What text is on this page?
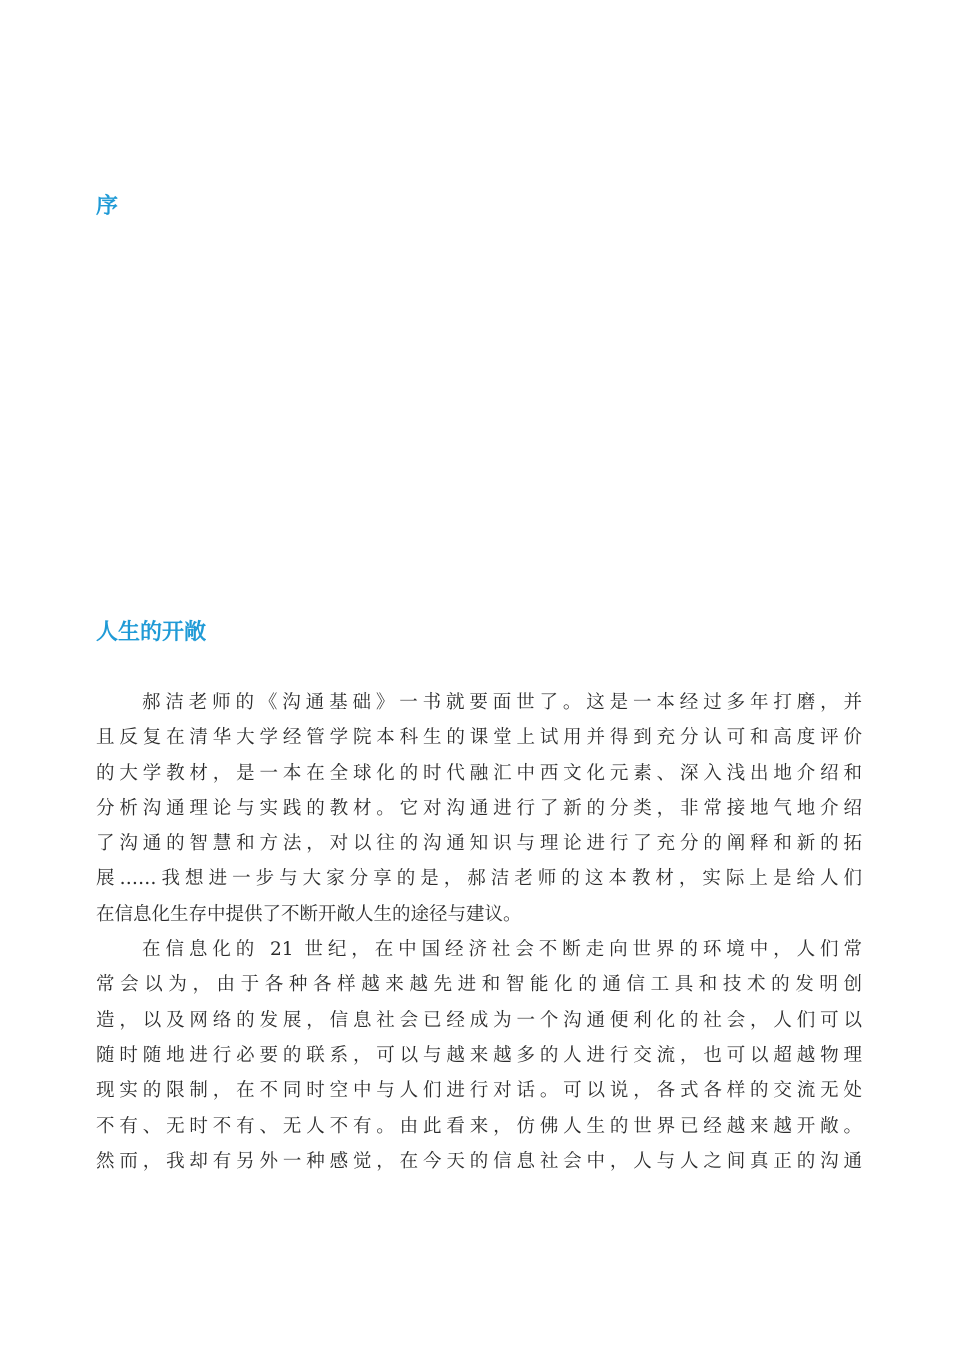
序
人生的开敞
郝洁老师的《沟通基础》一书就要面世了。这是一本经过多年打磨，并
且反复在清华大学经管学院本科生的课堂上试用并得到充分认可和高度评价
的大学教材，是一本在全球化的时代融汇中西文化元素、深入浅出地介绍和
分析沟通理论与实践的教材。它对沟通进行了新的分类，非常接地气地介绍
了沟通的智慧和方法，对以往的沟通知识与理论进行了充分的阐释和新的拓
展……我想进一步与大家分享的是，郝洁老师的这本教材，实际上是给人们
在信息化生存中提供了不断开敞人生的途径与建议。
在信息化的 21 世纪，在中国经济社会不断走向世界的环境中，人们常
常会以为，由于各种各样越来越先进和智能化的通信工具和技术的发明创
造，以及网络的发展，信息社会已经成为一个沟通便利化的社会，人们可以
随时随地进行必要的联系，可以与越来越多的人进行交流，也可以超越物理
现实的限制，在不同时空中与人们进行对话。可以说，各式各样的交流无处
不有、无时不有、无人不有。由此看来，仿佛人生的世界已经越来越开敞。
然而，我却有另外一种感觉，在今天的信息社会中，人与人之间真正的沟通
